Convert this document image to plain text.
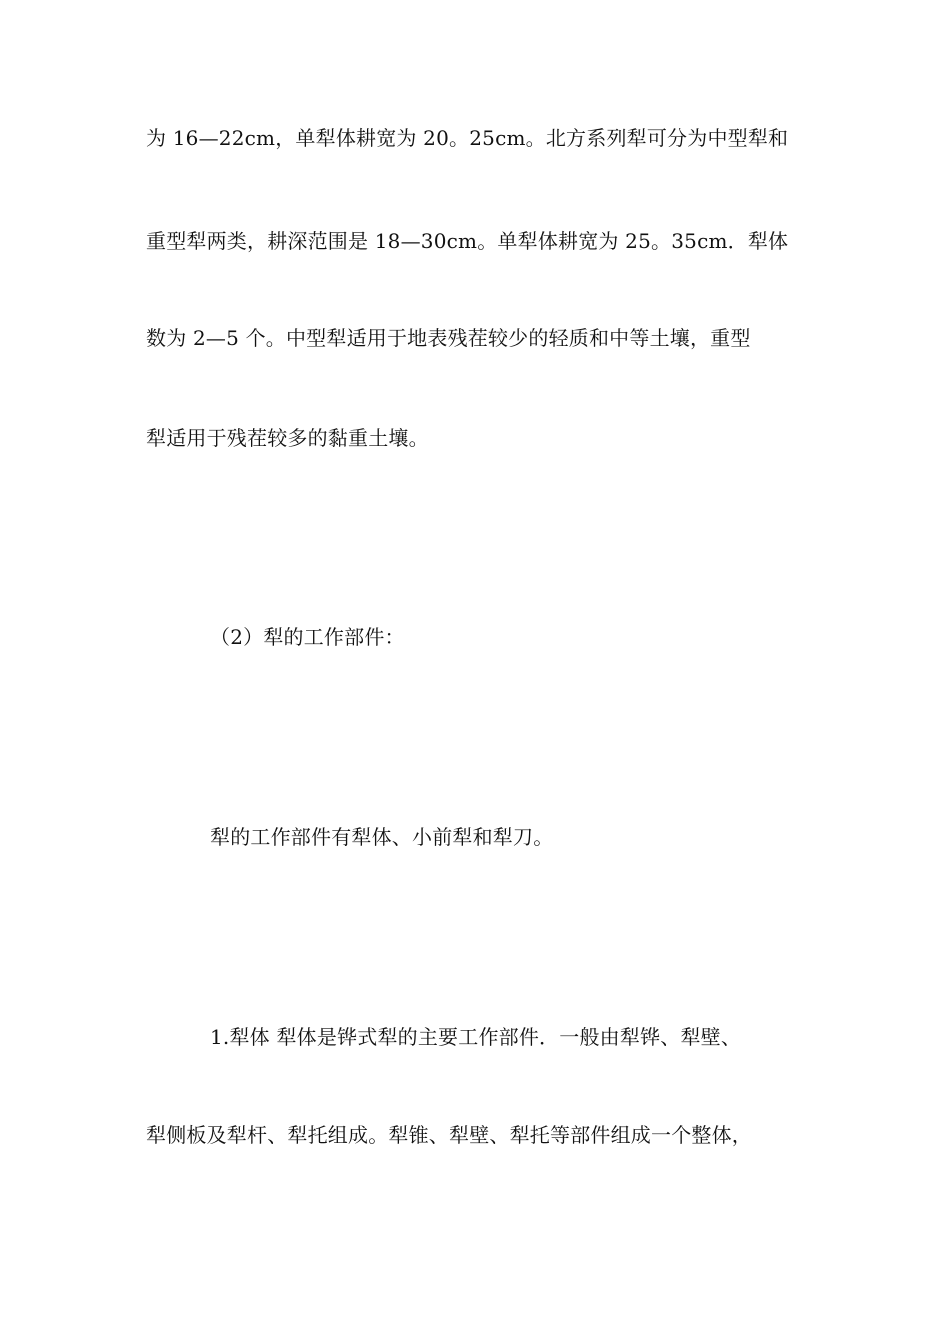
为 16—22cm，单犁体耕宽为 20。25cm。北方系列犁可分为中型犁和
重型犁两类，耕深范围是 18—30cm。单犁体耕宽为 25。35cm．犁体
数为 2—5 个。中型犁适用于地表残茬较少的轻质和中等土壤，重型
犁适用于残茬较多的黏重土壤。
（2）犁的工作部件：
犁的工作部件有犁体、小前犁和犁刀。
1.犁体 犁体是铧式犁的主要工作部件．一般由犁铧、犁壁、
犁侧板及犁杆、犁托组成。犁锥、犁壁、犁托等部件组成一个整体，
